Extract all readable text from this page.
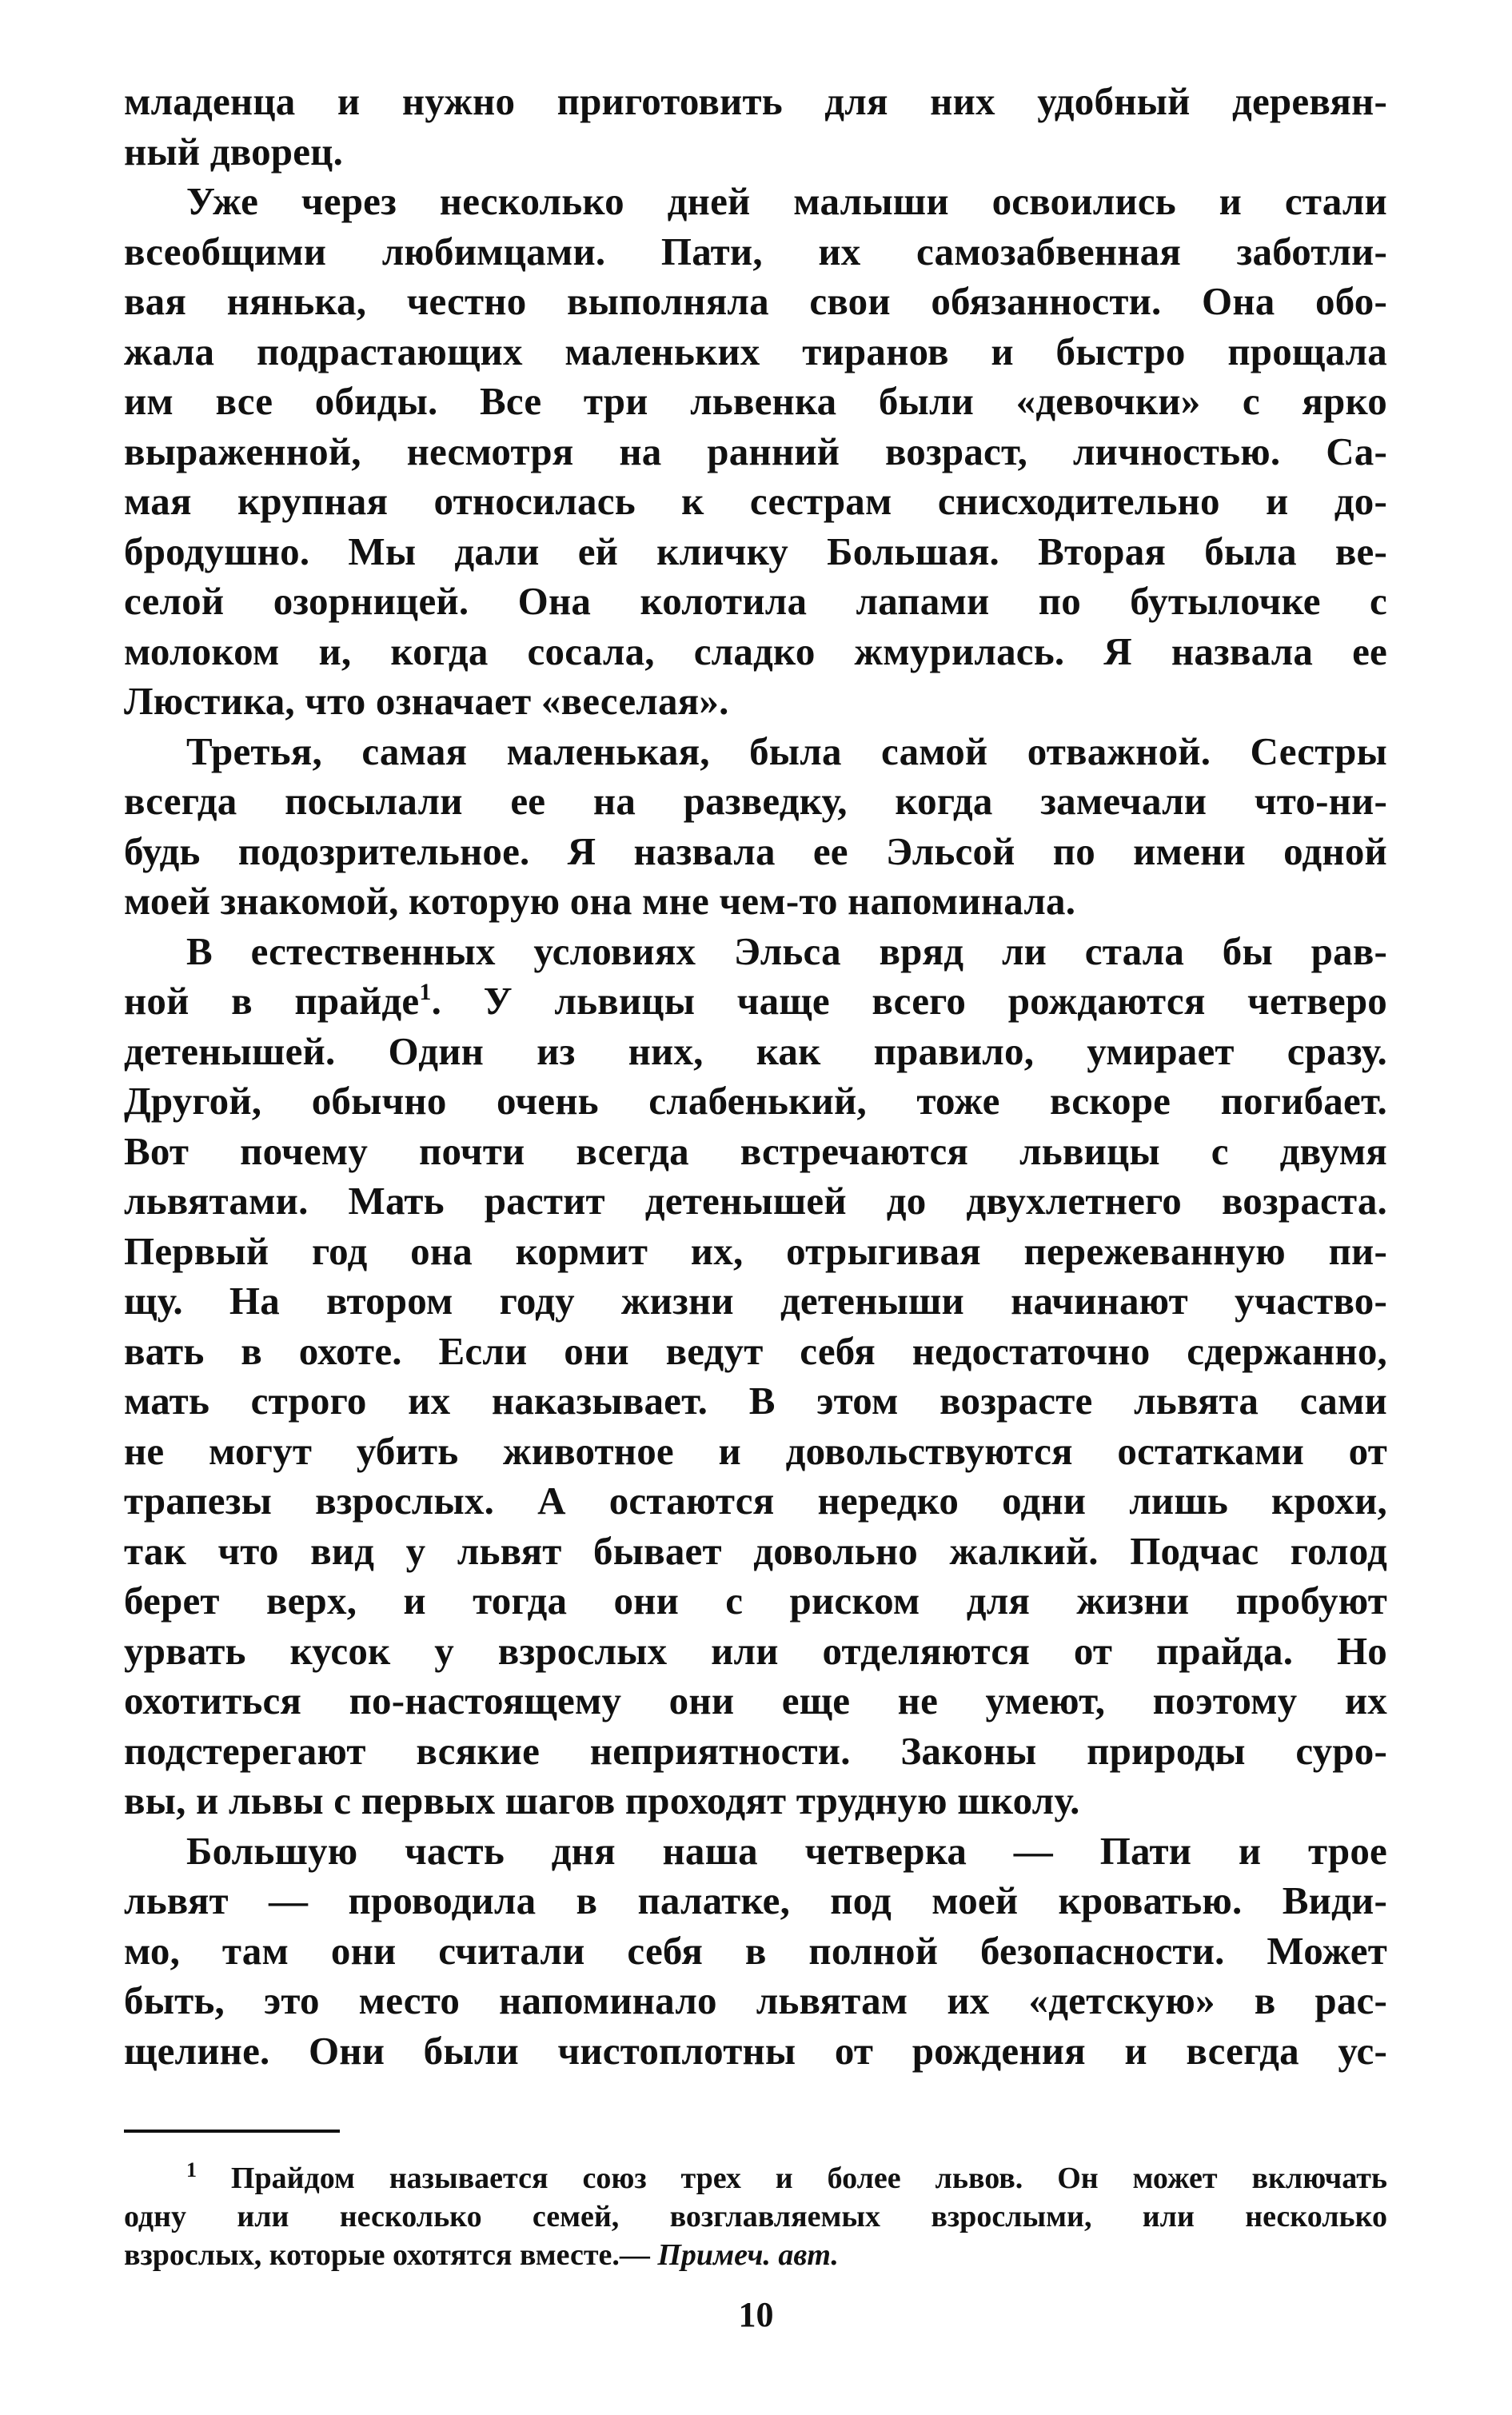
младенца и нужно приготовить для них удобный деревян-
ный дворец.
Уже через несколько дней малыши освоились и стали
всеобщими любимцами. Пати, их самозабвенная заботли-
вая нянька, честно выполняла свои обязанности. Она обо-
жала подрастающих маленьких тиранов и быстро прощала
им все обиды. Все три львенка были «девочки» с ярко
выраженной, несмотря на ранний возраст, личностью. Са-
мая крупная относилась к сестрам снисходительно и до-
бродушно. Мы дали ей кличку Большая. Вторая была ве-
селой озорницей. Она колотила лапами по бутылочке с
молоком и, когда сосала, сладко жмурилась. Я назвала ее
Люстика, что означает «веселая».
Третья, самая маленькая, была самой отважной. Сестры
всегда посылали ее на разведку, когда замечали что-ни-
будь подозрительное. Я назвала ее Эльсой по имени одной
моей знакомой, которую она мне чем-то напоминала.
В естественных условиях Эльса вряд ли стала бы рав-
ной в прайде$^1$. У львицы чаще всего рождаются четверо
детенышей. Один из них, как правило, умирает сразу.
Другой, обычно очень слабенький, тоже вскоре погибает.
Вот почему почти всегда встречаются львицы с двумя
львятами. Мать растит детенышей до двухлетнего возраста.
Первый год она кормит их, отрыгивая пережеванную пи-
щу. На втором году жизни детеныши начинают участво-
вать в охоте. Если они ведут себя недостаточно сдержанно,
мать строго их наказывает. В этом возрасте львята сами
не могут убить животное и довольствуются остатками от
трапезы взрослых. А остаются нередко одни лишь крохи,
так что вид у львят бывает довольно жалкий. Подчас голод
берет верх, и тогда они с риском для жизни пробуют
урвать кусок у взрослых или отделяются от прайда. Но
охотиться по-настоящему они еще не умеют, поэтому их
подстерегают всякие неприятности. Законы природы суро-
вы, и львы с первых шагов проходят трудную школу.
Большую часть дня наша четверка — Пати и трое
львят — проводила в палатке, под моей кроватью. Види-
мо, там они считали себя в полной безопасности. Может
быть, это место напоминало львятам их «детскую» в рас-
щелине. Они были чистоплотны от рождения и всегда ус-
$^1$ Прайдом называется союз трех и более львов. Он может включать
одну или несколько семей, возглавляемых взрослыми, или несколько
взрослых, которые охотятся вместе.— Примеч. авт.
10
